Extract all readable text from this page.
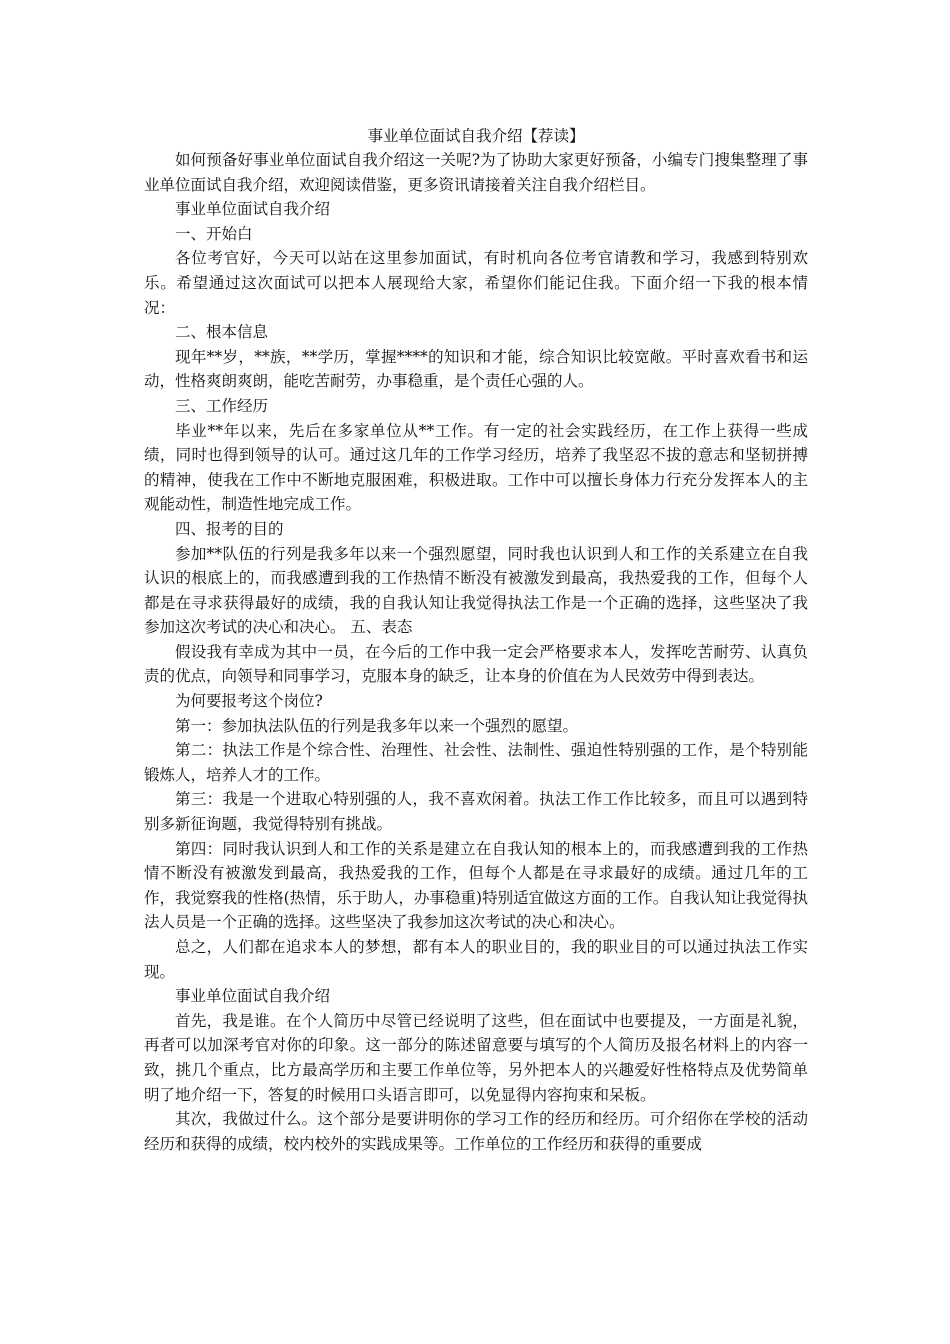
事业单位面试自我介绍【荐读】

如何预备好事业单位面试自我介绍这一关呢?为了协助大家更好预备，小编专门搜集整理了事业单位面试自我介绍，欢迎阅读借鉴，更多资讯请接着关注自我介绍栏目。

事业单位面试自我介绍

一、开始白

各位考官好，今天可以站在这里参加面试，有时机向各位考官请教和学习，我感到特别欢乐。希望通过这次面试可以把本人展现给大家，希望你们能记住我。下面介绍一下我的根本情况：

二、根本信息

现年**岁，**族，**学历，掌握****的知识和才能，综合知识比较宽敞。平时喜欢看书和运动，性格爽朗爽朗，能吃苦耐劳，办事稳重，是个责任心强的人。

三、工作经历

毕业**年以来，先后在多家单位从**工作。有一定的社会实践经历，在工作上获得一些成绩，同时也得到领导的认可。通过这几年的工作学习经历，培养了我坚忍不拔的意志和坚韧拼搏的精神，使我在工作中不断地克服困难，积极进取。工作中可以擅长身体力行充分发挥本人的主观能动性，制造性地完成工作。

四、报考的目的

参加**队伍的行列是我多年以来一个强烈愿望，同时我也认识到人和工作的关系建立在自我认识的根底上的，而我感遭到我的工作热情不断没有被激发到最高，我热爱我的工作，但每个人都是在寻求获得最好的成绩，我的自我认知让我觉得执法工作是一个正确的选择，这些坚决了我参加这次考试的决心和决心。 五、表态

假设我有幸成为其中一员，在今后的工作中我一定会严格要求本人，发挥吃苦耐劳、认真负责的优点，向领导和同事学习，克服本身的缺乏，让本身的价值在为人民效劳中得到表达。

为何要报考这个岗位?

第一：参加执法队伍的行列是我多年以来一个强烈的愿望。

第二：执法工作是个综合性、治理性、社会性、法制性、强迫性特别强的工作，是个特别能锻炼人，培养人才的工作。

第三：我是一个进取心特别强的人，我不喜欢闲着。执法工作工作比较多，而且可以遇到特别多新征询题，我觉得特别有挑战。

第四：同时我认识到人和工作的关系是建立在自我认知的根本上的，而我感遭到我的工作热情不断没有被激发到最高，我热爱我的工作，但每个人都是在寻求最好的成绩。通过几年的工作，我觉察我的性格(热情，乐于助人，办事稳重)特别适宜做这方面的工作。自我认知让我觉得执法人员是一个正确的选择。这些坚决了我参加这次考试的决心和决心。

总之，人们都在追求本人的梦想，都有本人的职业目的，我的职业目的可以通过执法工作实现。

事业单位面试自我介绍

首先，我是谁。在个人简历中尽管已经说明了这些，但在面试中也要提及，一方面是礼貌，再者可以加深考官对你的印象。这一部分的陈述留意要与填写的个人简历及报名材料上的内容一致，挑几个重点，比方最高学历和主要工作单位等，另外把本人的兴趣爱好性格特点及优势简单明了地介绍一下，答复的时候用口头语言即可，以免显得内容拘束和呆板。

其次，我做过什么。这个部分是要讲明你的学习工作的经历和经历。可介绍你在学校的活动经历和获得的成绩，校内校外的实践成果等。工作单位的工作经历和获得的重要成
